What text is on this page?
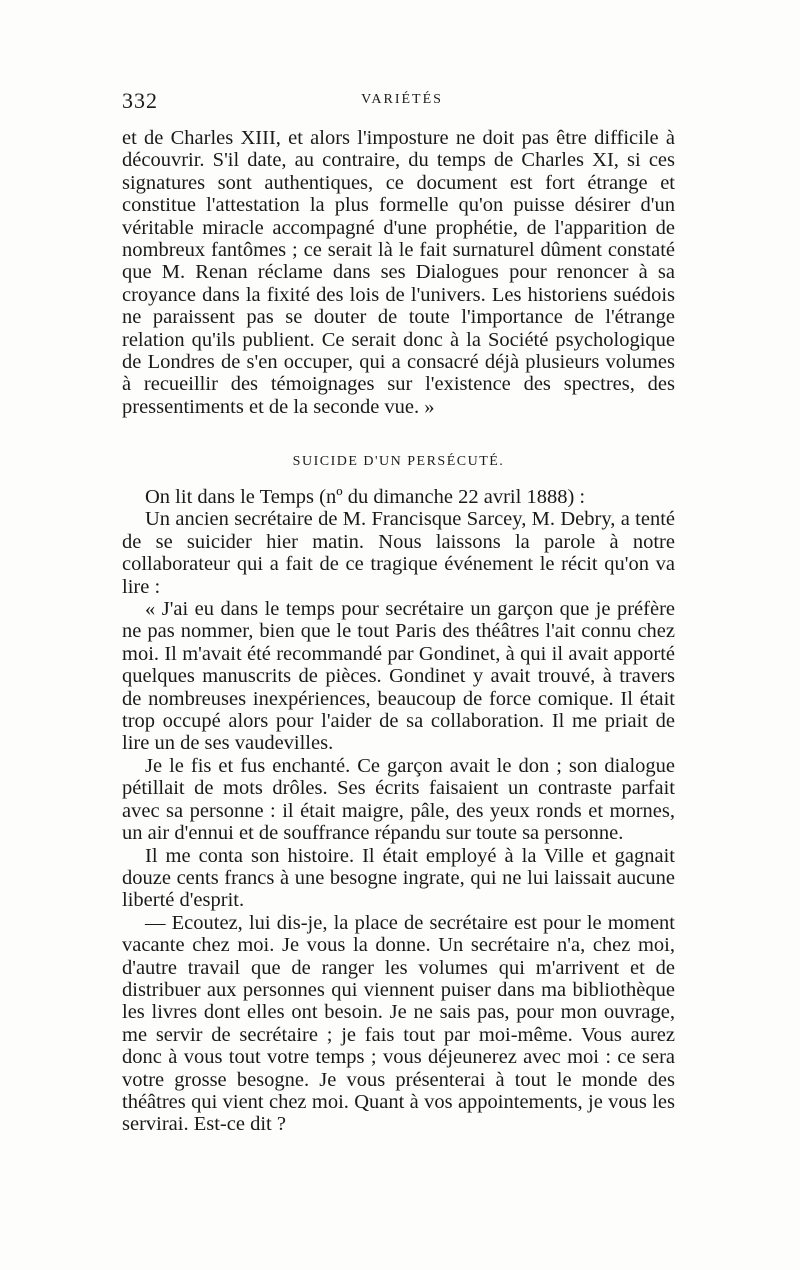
332	VARIÉTÉS

et de Charles XIII, et alors l'imposture ne doit pas être difficile à découvrir. S'il date, au contraire, du temps de Charles XI, si ces signatures sont authentiques, ce document est fort étrange et constitue l'attestation la plus formelle qu'on puisse désirer d'un véritable miracle accompagné d'une prophétie, de l'apparition de nombreux fantômes ; ce serait là le fait surnaturel dûment constaté que M. Renan réclame dans ses Dialogues pour renoncer à sa croyance dans la fixité des lois de l'univers. Les historiens suédois ne paraissent pas se douter de toute l'importance de l'étrange relation qu'ils publient. Ce serait donc à la Société psychologique de Londres de s'en occuper, qui a consacré déjà plusieurs volumes à recueillir des témoignages sur l'existence des spectres, des pressentiments et de la seconde vue. »

SUICIDE D'UN PERSÉCUTÉ.

On lit dans le Temps (nº du dimanche 22 avril 1888) :

Un ancien secrétaire de M. Francisque Sarcey, M. Debry, a tenté de se suicider hier matin. Nous laissons la parole à notre collaborateur qui a fait de ce tragique événement le récit qu'on va lire :

« J'ai eu dans le temps pour secrétaire un garçon que je préfère ne pas nommer, bien que le tout Paris des théâtres l'ait connu chez moi. Il m'avait été recommandé par Gondinet, à qui il avait apporté quelques manuscrits de pièces. Gondinet y avait trouvé, à travers de nombreuses inexpériences, beaucoup de force comique. Il était trop occupé alors pour l'aider de sa collaboration. Il me priait de lire un de ses vaudevilles.

Je le fis et fus enchanté. Ce garçon avait le don ; son dialogue pétillait de mots drôles. Ses écrits faisaient un contraste parfait avec sa personne : il était maigre, pâle, des yeux ronds et mornes, un air d'ennui et de souffrance répandu sur toute sa personne.

Il me conta son histoire. Il était employé à la Ville et gagnait douze cents francs à une besogne ingrate, qui ne lui laissait aucune liberté d'esprit.

— Ecoutez, lui dis-je, la place de secrétaire est pour le moment vacante chez moi. Je vous la donne. Un secrétaire n'a, chez moi, d'autre travail que de ranger les volumes qui m'arrivent et de distribuer aux personnes qui viennent puiser dans ma bibliothèque les livres dont elles ont besoin. Je ne sais pas, pour mon ouvrage, me servir de secrétaire ; je fais tout par moi-même. Vous aurez donc à vous tout votre temps ; vous déjeunerez avec moi : ce sera votre grosse besogne. Je vous présenterai à tout le monde des théâtres qui vient chez moi. Quant à vos appointements, je vous les servirai. Est-ce dit ?
